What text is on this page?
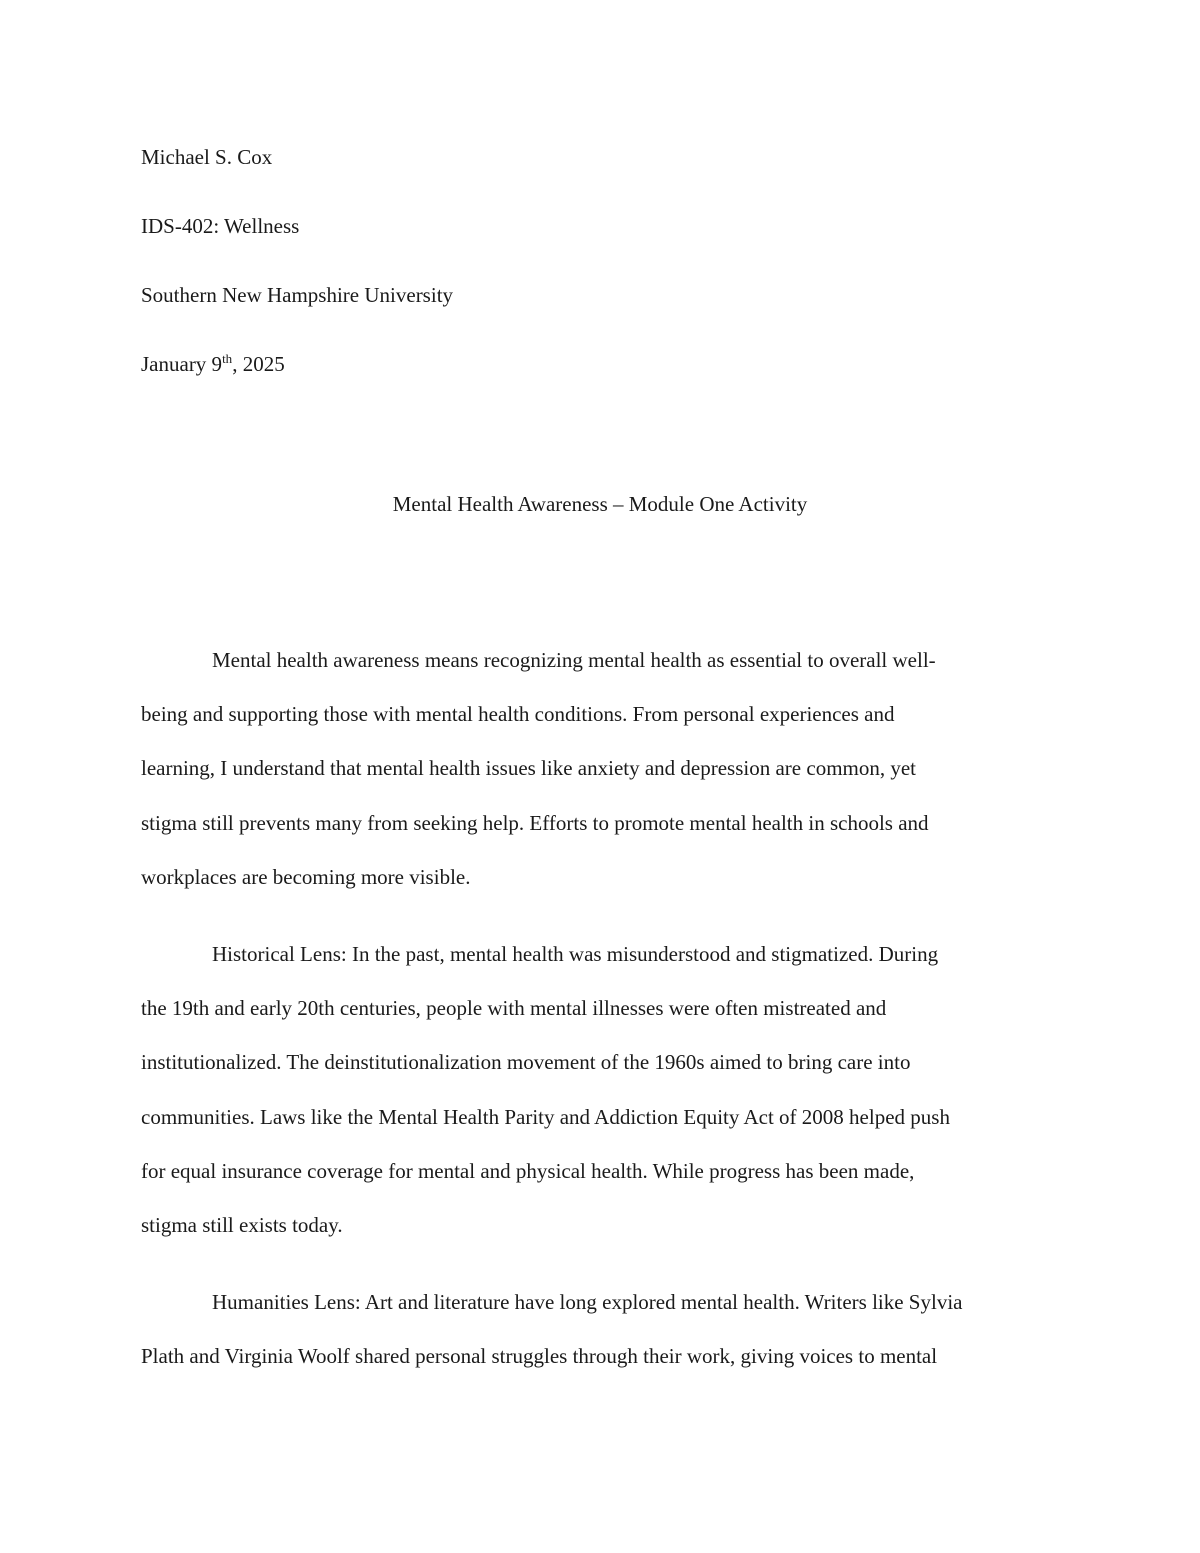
Michael S. Cox
IDS-402: Wellness
Southern New Hampshire University
January 9th, 2025
Mental Health Awareness – Module One Activity
Mental health awareness means recognizing mental health as essential to overall well-
being and supporting those with mental health conditions. From personal experiences and
learning, I understand that mental health issues like anxiety and depression are common, yet
stigma still prevents many from seeking help. Efforts to promote mental health in schools and
workplaces are becoming more visible.
Historical Lens: In the past, mental health was misunderstood and stigmatized. During
the 19th and early 20th centuries, people with mental illnesses were often mistreated and
institutionalized. The deinstitutionalization movement of the 1960s aimed to bring care into
communities. Laws like the Mental Health Parity and Addiction Equity Act of 2008 helped push
for equal insurance coverage for mental and physical health. While progress has been made,
stigma still exists today.
Humanities Lens: Art and literature have long explored mental health. Writers like Sylvia
Plath and Virginia Woolf shared personal struggles through their work, giving voices to mental
